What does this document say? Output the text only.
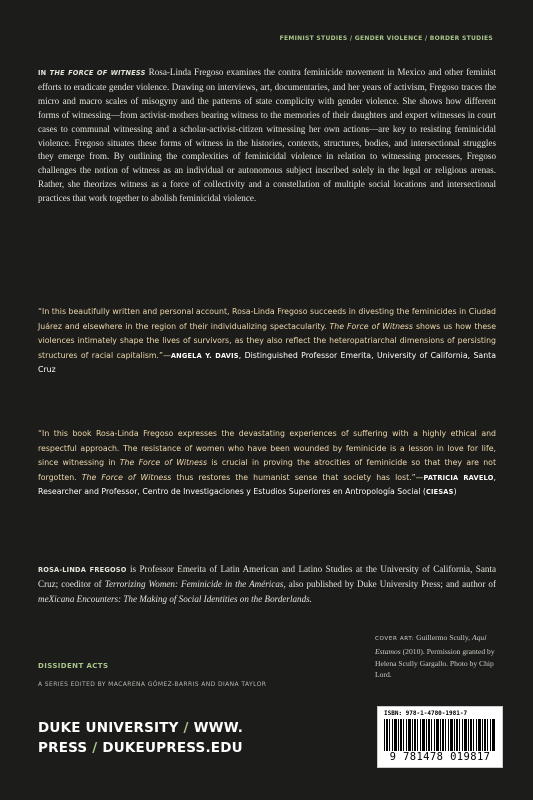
FEMINIST STUDIES / GENDER VIOLENCE / BORDER STUDIES

IN THE FORCE OF WITNESS Rosa-Linda Fregoso examines the contra feminicide movement in Mexico and other feminist efforts to eradicate gender violence. Drawing on interviews, art, documentaries, and her years of activism, Fregoso traces the micro and macro scales of misogyny and the patterns of state complicity with gender violence. She shows how different forms of witnessing—from activist-mothers bearing witness to the memories of their daughters and expert witnesses in court cases to communal witnessing and a scholar-activist-citizen witnessing her own actions—are key to resisting feminicidal violence. Fregoso situates these forms of witness in the histories, contexts, structures, bodies, and intersectional struggles they emerge from. By outlining the complexities of feminicidal violence in relation to witnessing processes, Fregoso challenges the notion of witness as an individual or autonomous subject inscribed solely in the legal or religious arenas. Rather, she theorizes witness as a force of collectivity and a constellation of multiple social locations and intersectional practices that work together to abolish feminicidal violence.

“In this beautifully written and personal account, Rosa-Linda Fregoso succeeds in divesting the feminicides in Ciudad Juárez and elsewhere in the region of their individualizing spectacularity. The Force of Witness shows us how these violences intimately shape the lives of survivors, as they also reflect the heteropatriarchal dimensions of persisting structures of racial capitalism.”—ANGELA Y. DAVIS, Distinguished Professor Emerita, University of California, Santa Cruz

“In this book Rosa-Linda Fregoso expresses the devastating experiences of suffering with a highly ethical and respectful approach. The resistance of women who have been wounded by feminicide is a lesson in love for life, since witnessing in The Force of Witness is crucial in proving the atrocities of feminicide so that they are not forgotten. The Force of Witness thus restores the humanist sense that society has lost.”—PATRICIA RAVELO, Researcher and Professor, Centro de Investigaciones y Estudios Superiores en Antropología Social (CIESAS)

ROSA-LINDA FREGOSO is Professor Emerita of Latin American and Latino Studies at the University of California, Santa Cruz; coeditor of Terrorizing Women: Feminicide in the Américas, also published by Duke University Press; and author of meXicana Encounters: The Making of Social Identities on the Borderlands.

DISSIDENT ACTS
A SERIES EDITED BY MACARENA GÓMEZ-BARRIS AND DIANA TAYLOR
DUKE UNIVERSITY / WWW.
PRESS / DUKEUPRESS.EDU

COVER ART: Guillermo Scully, Aquí Estamos (2010). Permission granted by Helena Scully Gargallo. Photo by Chip Lord.

ISBN: 978-1-4780-1981-7
9 781478 019817
